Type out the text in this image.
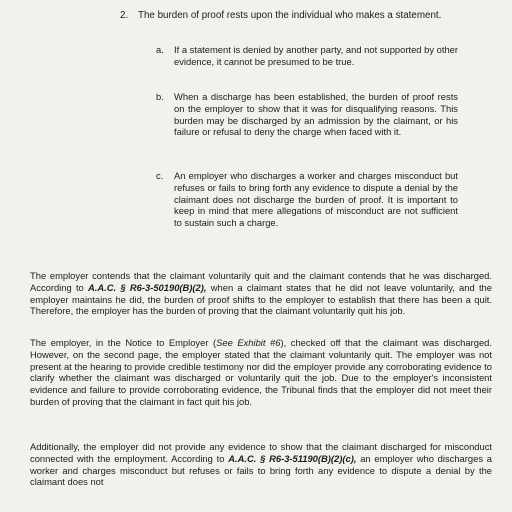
2.	The burden of proof rests upon the individual who makes a statement.
a.	If a statement is denied by another party, and not supported by other evidence, it cannot be presumed to be true.
b.	When a discharge has been established, the burden of proof rests on the employer to show that it was for disqualifying reasons. This burden may be discharged by an admission by the claimant, or his failure or refusal to deny the charge when faced with it.
c.	An employer who discharges a worker and charges misconduct but refuses or fails to bring forth any evidence to dispute a denial by the claimant does not discharge the burden of proof. It is important to keep in mind that mere allegations of misconduct are not sufficient to sustain such a charge.

The employer contends that the claimant voluntarily quit and the claimant contends that he was discharged. According to A.A.C. § R6-3-50190(B)(2), when a claimant states that he did not leave voluntarily, and the employer maintains he did, the burden of proof shifts to the employer to establish that there has been a quit. Therefore, the employer has the burden of proving that the claimant voluntarily quit his job.

The employer, in the Notice to Employer (See Exhibit #6), checked off that the claimant was discharged. However, on the second page, the employer stated that the claimant voluntarily quit. The employer was not present at the hearing to provide credible testimony nor did the employer provide any corroborating evidence to clarify whether the claimant was discharged or voluntarily quit the job. Due to the employer's inconsistent evidence and failure to provide corroborating evidence, the Tribunal finds that the employer did not meet their burden of proving that the claimant in fact quit his job.

Additionally, the employer did not provide any evidence to show that the claimant discharged for misconduct connected with the employment. According to A.A.C. § R6-3-51190(B)(2)(c), an employer who discharges a worker and charges misconduct but refuses or fails to bring forth any evidence to dispute a denial by the claimant does not
